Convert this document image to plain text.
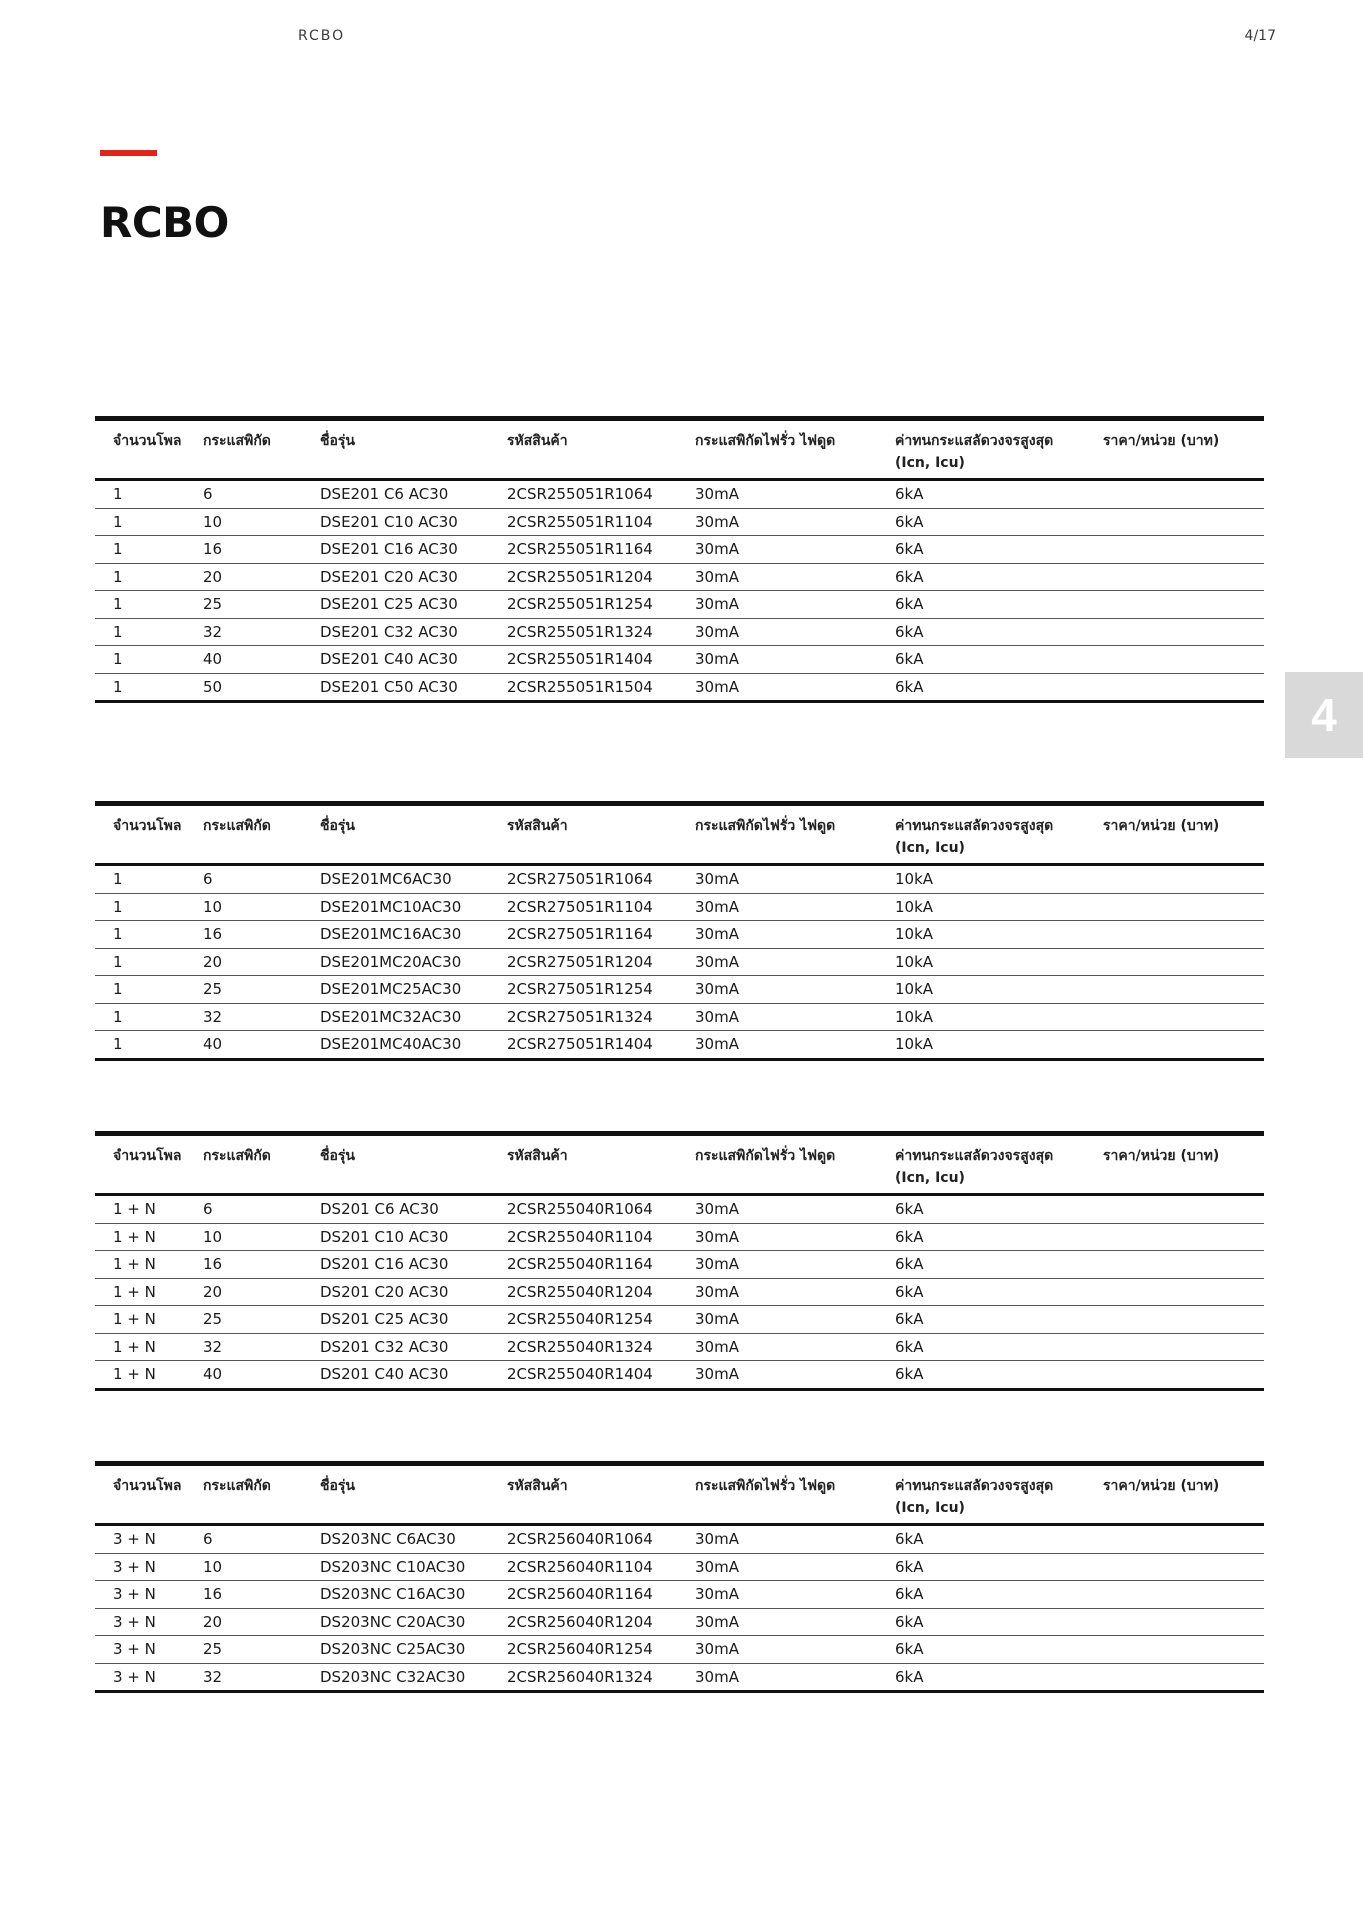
RCBO	4/17
RCBO
4
จำนวนโพล	กระแสพิกัด	ชื่อรุ่น	รหัสสินค้า	กระแสพิกัดไฟรั่ว ไฟดูด	ค่าทนกระแสลัดวงจรสูงสุด
(Icn, Icu)	ราคา/หน่วย (บาท)
1	6	DSE201 C6 AC30	2CSR255051R1064	30mA	6kA	
1	10	DSE201 C10 AC30	2CSR255051R1104	30mA	6kA	
1	16	DSE201 C16 AC30	2CSR255051R1164	30mA	6kA	
1	20	DSE201 C20 AC30	2CSR255051R1204	30mA	6kA	
1	25	DSE201 C25 AC30	2CSR255051R1254	30mA	6kA	
1	32	DSE201 C32 AC30	2CSR255051R1324	30mA	6kA	
1	40	DSE201 C40 AC30	2CSR255051R1404	30mA	6kA	
1	50	DSE201 C50 AC30	2CSR255051R1504	30mA	6kA	
จำนวนโพล	กระแสพิกัด	ชื่อรุ่น	รหัสสินค้า	กระแสพิกัดไฟรั่ว ไฟดูด	ค่าทนกระแสลัดวงจรสูงสุด
(Icn, Icu)	ราคา/หน่วย (บาท)
1	6	DSE201MC6AC30	2CSR275051R1064	30mA	10kA	
1	10	DSE201MC10AC30	2CSR275051R1104	30mA	10kA	
1	16	DSE201MC16AC30	2CSR275051R1164	30mA	10kA	
1	20	DSE201MC20AC30	2CSR275051R1204	30mA	10kA	
1	25	DSE201MC25AC30	2CSR275051R1254	30mA	10kA	
1	32	DSE201MC32AC30	2CSR275051R1324	30mA	10kA	
1	40	DSE201MC40AC30	2CSR275051R1404	30mA	10kA	
จำนวนโพล	กระแสพิกัด	ชื่อรุ่น	รหัสสินค้า	กระแสพิกัดไฟรั่ว ไฟดูด	ค่าทนกระแสลัดวงจรสูงสุด
(Icn, Icu)	ราคา/หน่วย (บาท)
1 + N	6	DS201 C6 AC30	2CSR255040R1064	30mA	6kA	
1 + N	10	DS201 C10 AC30	2CSR255040R1104	30mA	6kA	
1 + N	16	DS201 C16 AC30	2CSR255040R1164	30mA	6kA	
1 + N	20	DS201 C20 AC30	2CSR255040R1204	30mA	6kA	
1 + N	25	DS201 C25 AC30	2CSR255040R1254	30mA	6kA	
1 + N	32	DS201 C32 AC30	2CSR255040R1324	30mA	6kA	
1 + N	40	DS201 C40 AC30	2CSR255040R1404	30mA	6kA	
จำนวนโพล	กระแสพิกัด	ชื่อรุ่น	รหัสสินค้า	กระแสพิกัดไฟรั่ว ไฟดูด	ค่าทนกระแสลัดวงจรสูงสุด
(Icn, Icu)	ราคา/หน่วย (บาท)
3 + N	6	DS203NC C6AC30	2CSR256040R1064	30mA	6kA	
3 + N	10	DS203NC C10AC30	2CSR256040R1104	30mA	6kA	
3 + N	16	DS203NC C16AC30	2CSR256040R1164	30mA	6kA	
3 + N	20	DS203NC C20AC30	2CSR256040R1204	30mA	6kA	
3 + N	25	DS203NC C25AC30	2CSR256040R1254	30mA	6kA	
3 + N	32	DS203NC C32AC30	2CSR256040R1324	30mA	6kA	
